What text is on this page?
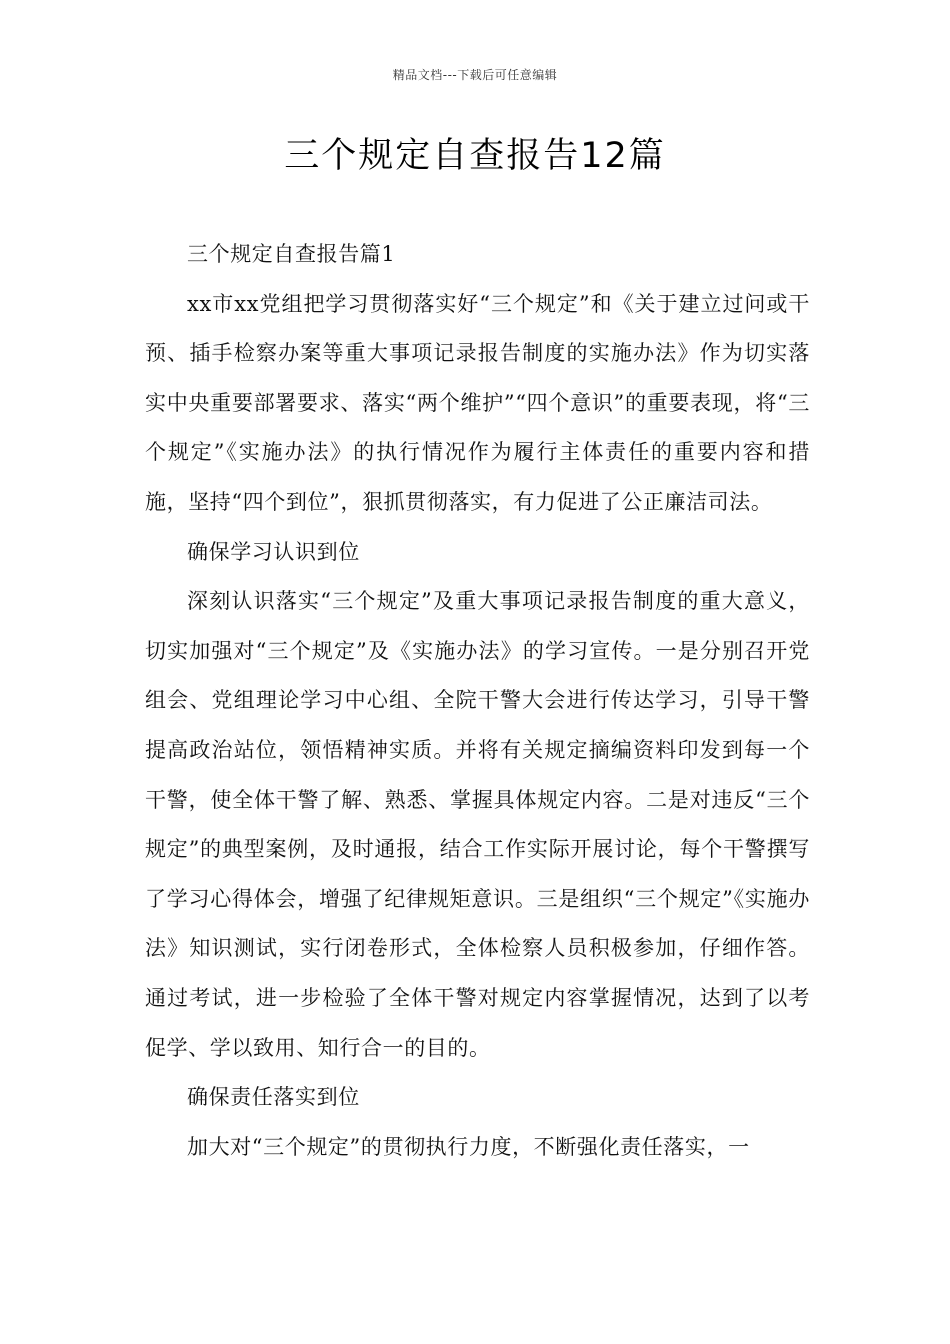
精品文档---下载后可任意编辑
三个规定自查报告12篇

三个规定自查报告篇1

xx市xx党组把学习贯彻落实好“三个规定”和《关于建立过问或干预、插手检察办案等重大事项记录报告制度的实施办法》作为切实落实中央重要部署要求、落实“两个维护”“四个意识”的重要表现，将“三个规定”《实施办法》的执行情况作为履行主体责任的重要内容和措施，坚持“四个到位”，狠抓贯彻落实，有力促进了公正廉洁司法。

确保学习认识到位

深刻认识落实“三个规定”及重大事项记录报告制度的重大意义，切实加强对“三个规定”及《实施办法》的学习宣传。一是分别召开党组会、党组理论学习中心组、全院干警大会进行传达学习，引导干警提高政治站位，领悟精神实质。并将有关规定摘编资料印发到每一个干警，使全体干警了解、熟悉、掌握具体规定内容。二是对违反“三个规定”的典型案例，及时通报，结合工作实际开展讨论，每个干警撰写了学习心得体会，增强了纪律规矩意识。三是组织“三个规定”《实施办法》知识测试，实行闭卷形式，全体检察人员积极参加，仔细作答。通过考试，进一步检验了全体干警对规定内容掌握情况，达到了以考促学、学以致用、知行合一的目的。

确保责任落实到位

加大对“三个规定”的贯彻执行力度，不断强化责任落实，一
